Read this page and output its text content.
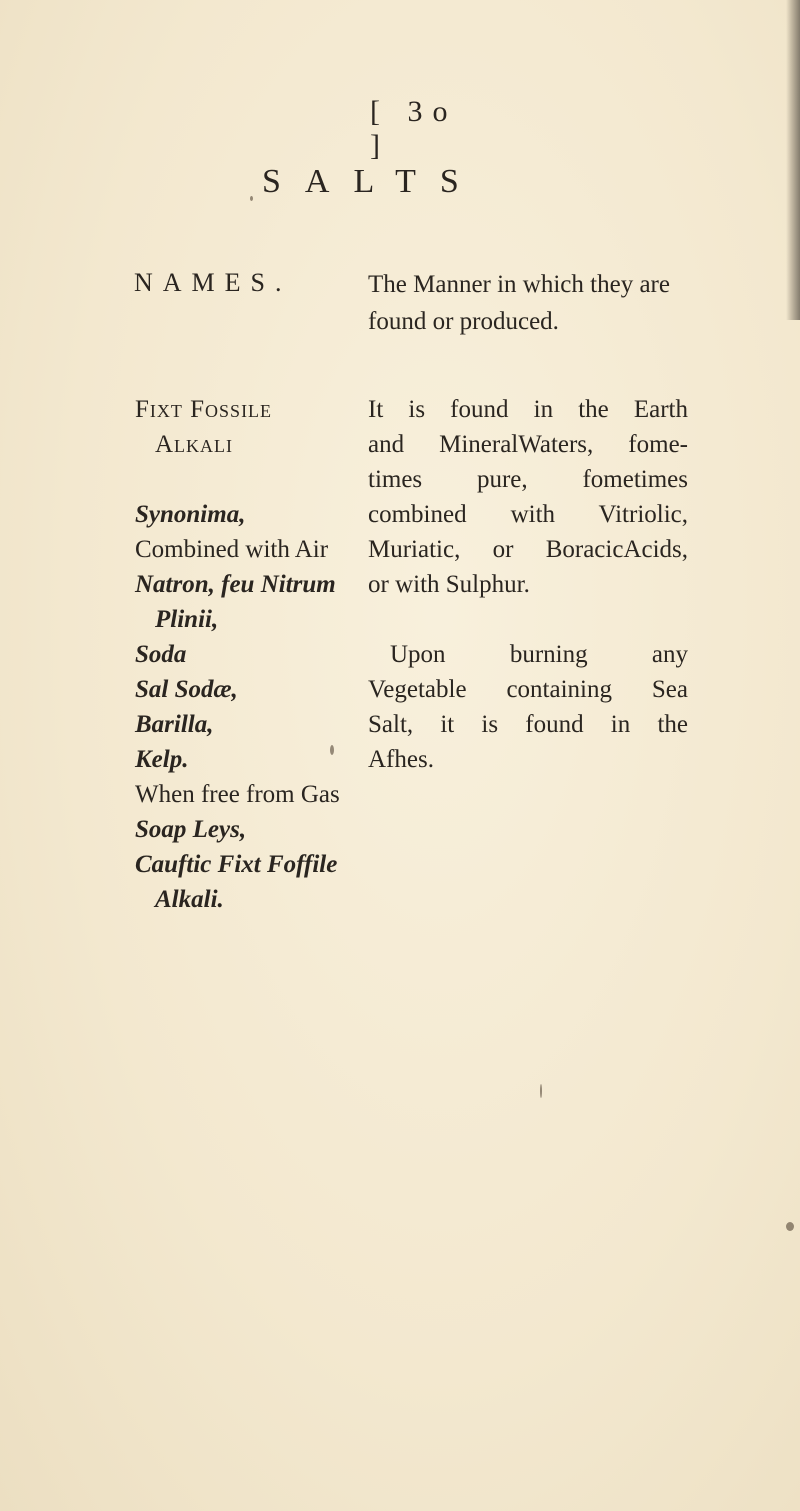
[ 3o ]
SALTS
NAMES.	The Manner in which they are found or produced.
Fixt Fossile
Alkali
Synonima,
Combined with Air
Natron, feu Nitrum
Plinii,
Soda
Sal Sodæ,
Barilla,
Kelp.
When free from Gas
Soap Leys,
Cauftic Fixt Foffile
Alkali.
It is found in the Earth
and MineralWaters, fome-
times pure, fometimes
combined with Vitriolic,
Muriatic, or BoracicAcids,
or with Sulphur.
Upon burning any
Vegetable containing Sea
Salt, it is found in the
Afhes.
